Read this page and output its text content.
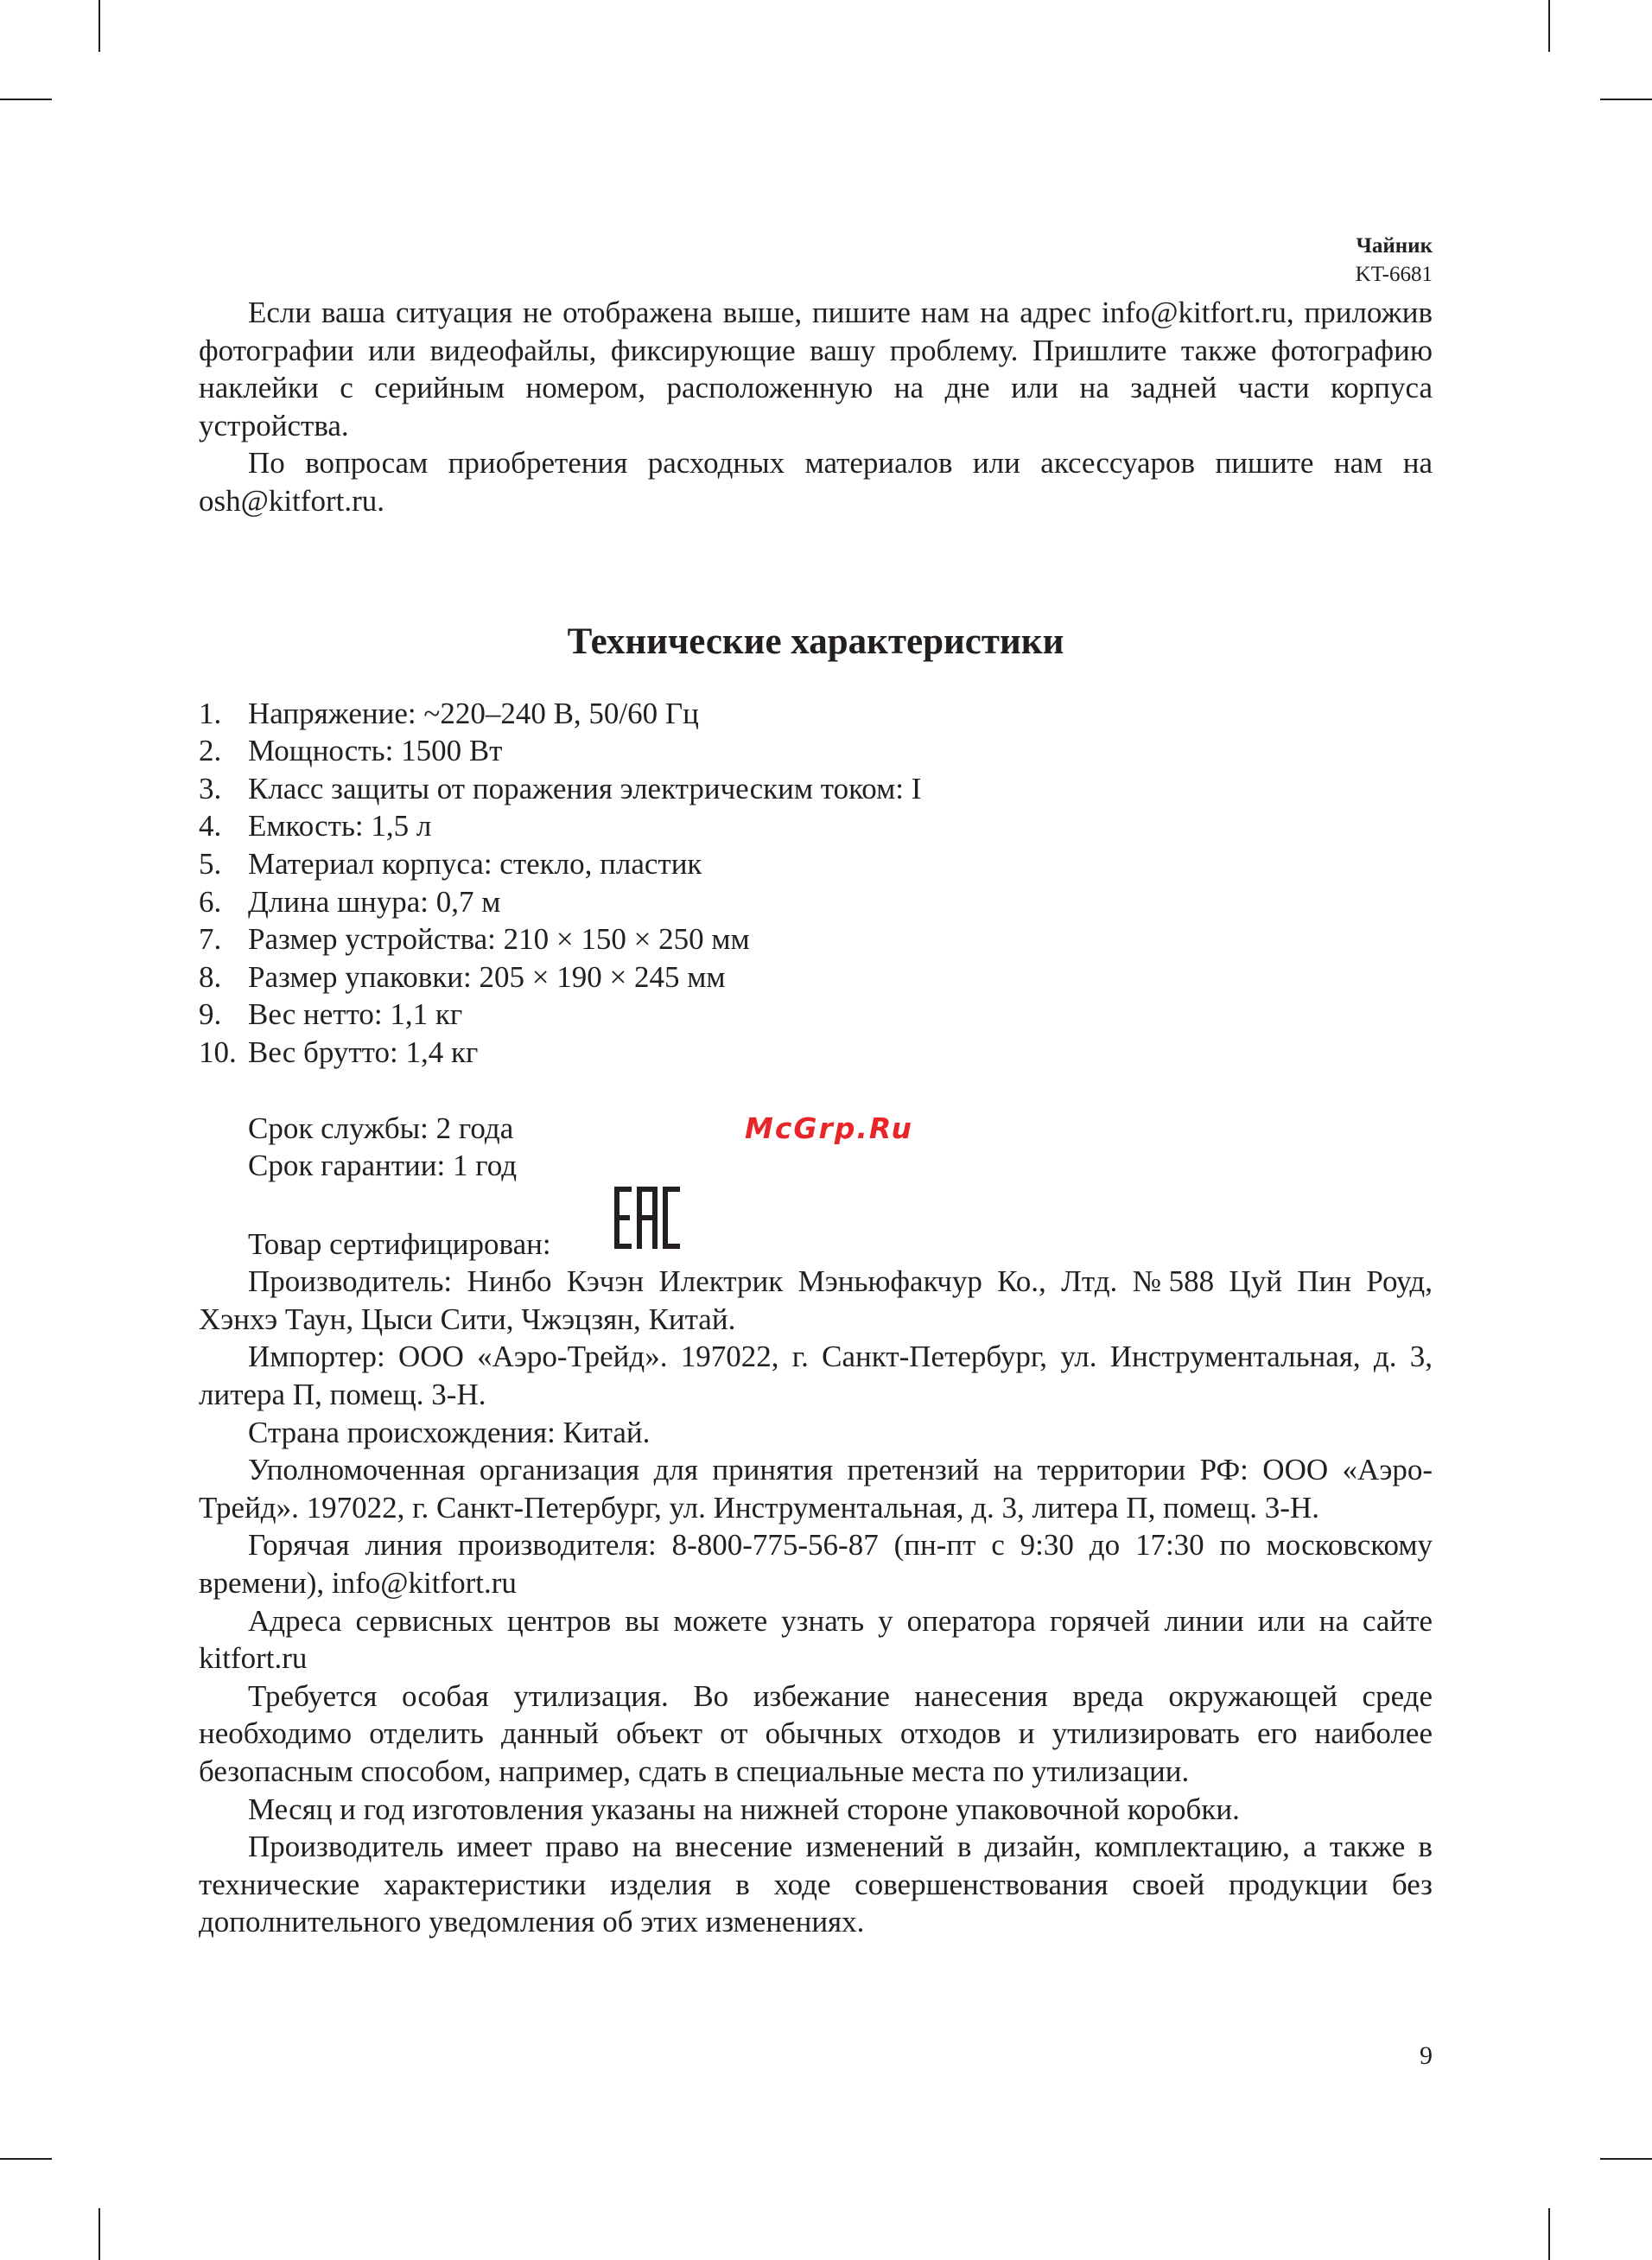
Чайник
KT-6681

Если ваша ситуация не отображена выше, пишите нам на адрес info@kitfort.ru, приложив фотографии или видеофайлы, фиксирующие вашу проблему. Пришлите также фотографию наклейки с серийным номером, расположенную на дне или на задней части корпуса устройства.

По вопросам приобретения расходных материалов или аксессуаров пишите нам на osh@kitfort.ru.

Технические характеристики
1. Напряжение: ~220–240 В, 50/60 Гц
2. Мощность: 1500 Вт
3. Класс защиты от поражения электрическим током: I
4. Емкость: 1,5 л
5. Материал корпуса: стекло, пластик
6. Длина шнура: 0,7 м
7. Размер устройства: 210 × 150 × 250 мм
8. Размер упаковки: 205 × 190 × 245 мм
9. Вес нетто: 1,1 кг
10. Вес брутто: 1,4 кг

Срок службы: 2 года

Срок гарантии: 1 год

Товар сертифицирован:

Производитель: Нинбо Кэчэн Илектрик Мэньюфакчур Ко., Лтд. №588 Цуй Пин Роуд, Хэнхэ Таун, Цыси Сити, Чжэцзян, Китай.

Импортер: ООО «Аэро-Трейд». 197022, г. Санкт-Петербург, ул. Инструментальная, д. 3, литера П, помещ. 3-Н.

Страна происхождения: Китай.

Уполномоченная организация для принятия претензий на территории РФ: ООО «Аэро-Трейд». 197022, г. Санкт-Петербург, ул. Инструментальная, д. 3, литера П, помещ. 3-Н.

Горячая линия производителя: 8-800-775-56-87 (пн-пт с 9:30 до 17:30 по московскому времени), info@kitfort.ru

Адреса сервисных центров вы можете узнать у оператора горячей линии или на сайте kitfort.ru

Требуется особая утилизация. Во избежание нанесения вреда окружающей среде необходимо отделить данный объект от обычных отходов и утилизировать его наиболее безопасным способом, например, сдать в специальные места по утилизации.

Месяц и год изготовления указаны на нижней стороне упаковочной коробки.

Производитель имеет право на внесение изменений в дизайн, комплектацию, а также в технические характеристики изделия в ходе совершенствования своей продукции без дополнительного уведомления об этих изменениях.

McGrp.Ru
9
